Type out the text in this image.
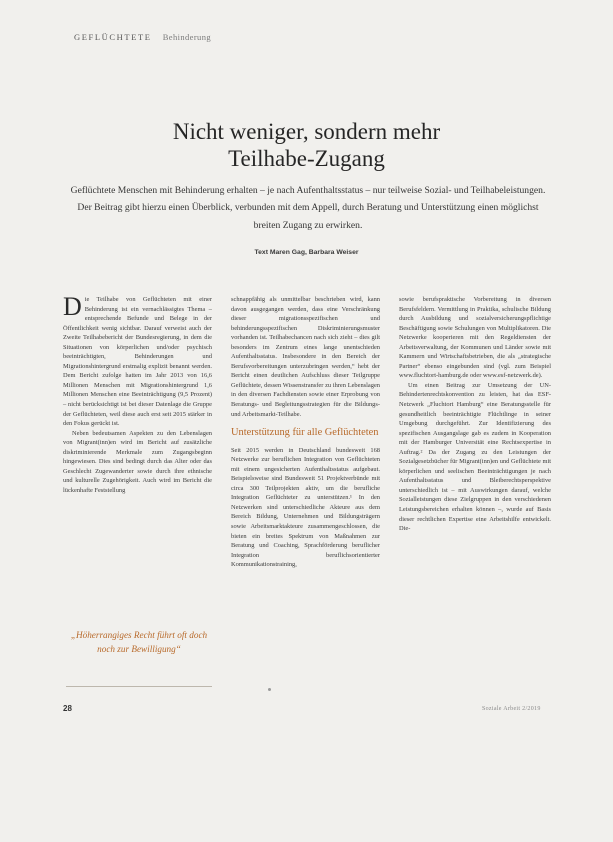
GEFLÜCHTETE Behinderung
Nicht weniger, sondern mehr
Teilhabe-Zugang
Geflüchtete Menschen mit Behinderung erhalten – je nach Aufenthaltsstatus – nur teilweise Sozial- und Teilhabeleistungen. Der Beitrag gibt hierzu einen Überblick, verbunden mit dem Appell, durch Beratung und Unterstützung einen möglichst breiten Zugang zu erwirken.
Text Maren Gag, Barbara Weiser

Die Teilhabe von Geflüchteten mit einer Behinderung ist ein vernachlässigtes Thema – entsprechende Befunde und Belege in der Öffentlichkeit wenig sichtbar. Darauf verweist auch der Zweite Teilhabebericht der Bundesregierung, in dem die Situationen von körperlichen und/oder psychisch beeinträchtigten, Behinderungen und Migrationshintergrund erstmalig explizit benannt werden. Dem Bericht zufolge hatten im Jahr 2013 von 16,6 Millionen Menschen mit Migrationshintergrund 1,6 Millionen Menschen eine Beeinträchtigung (9,5 Prozent) – nicht berücksichtigt ist bei dieser Datenlage die Gruppe der Geflüchteten, weil diese auch erst seit 2015 stärker in den Fokus gerückt ist.

Neben bedeutsamen Aspekten zu den Lebenslagen von Migrant(inn)en wird im Bericht auf zusätzliche diskriminierende Merkmale zum Zugangsbeginn hingewiesen. Dies sind bedingt durch das Alter oder das Geschlecht Zugewanderter sowie durch ihre ethnische und kulturelle Zugehörigkeit. Auch wird im Bericht die lückenhafte Feststellung

schnappfähig als unmittelbar beschrieben wird, kann davon ausgegangen werden, dass eine Verschränkung dieser migrationsspezifischen und behinderungsspezifischen Diskriminierungsmuster vorhanden ist. Teilhabechancen nach sich zieht – dies gilt besonders im Zentrum eines lange unentschieden Aufenthaltsstatus. Insbesondere in den Bereich der Berufsvorbereitungen unterzubringen werden,“ hebt der Bericht einen deutlichen Aufschluss dieser Teilgruppe Geflüchtete, dessen Wissenstransfer zu ihren Lebenslagen in den diversen Fachdiensten sowie einer Erprobung von Beratungs- und Begleitungsstrategien für die Bildungs- und Arbeitsmarkt-Teilhabe.

Unterstützung für alle Geflüchteten

Seit 2015 werden in Deutschland bundesweit 168 Netzwerke zur beruflichen Integration von Geflüchteten mit einem ungesicherten Aufenthaltsstatus aufgebaut. Beispielsweise sind Bundesweit 51 Projektverbünde mit circa 300 Teilprojekten aktiv, um die berufliche Integration Geflüchteter zu unterstützen.¹ In den Netzwerken sind unterschiedliche Akteure aus dem Bereich Bildung, Unternehmen und Bildungsträgern sowie Arbeitsmarktakteure zusammengeschlossen, die bieten ein breites Spektrum von Maßnahmen zur Beratung und Coaching, Sprachförderung beruflicher Integration beruflichsorientierter Kommunikationstraining,

sowie berufspraktische Vorbereitung in diversen Berufsfeldern. Vermittlung in Praktika, schulische Bildung durch Ausbildung und sozialversicherungspflichtige Beschäftigung sowie Schulungen von Multiplikatoren. Die Netzwerke kooperieren mit den Regeldiensten der Arbeitsverwaltung, der Kommunen und Länder sowie mit Kammern und Wirtschaftsbetrieben, die als „strategische Partner“ ebenso eingebunden sind (vgl. zum Beispiel www.fluchtort-hamburg.de oder www.esf-netzwerk.de).

Um einen Beitrag zur Umsetzung der UN-Behindertenrechtskonvention zu leisten, hat das ESF-Netzwerk „Fluchtort Hamburg“ eine Beratungsstelle für gesundheitlich beeinträchtigte Flüchtlinge in seiner Umgebung durchgeführt. Zur Identifizierung des spezifischen Ausgangslage gab es zudem in Kooperation mit der Hamburger Universität eine Rechtsexpertise in Auftrag.² Da der Zugang zu den Leistungen der Sozialgesetzbücher für Migrant(inn)en und Geflüchtete mit körperlichen und seelischen Beeinträchtigungen je nach Aufenthaltsstatus und Bleiberechtsperspektive unterschiedlich ist – mit Auswirkungen darauf, welche Sozialleistungen diese Zielgruppen in den verschiedenen Leistungsbereichen erhalten können –, wurde auf Basis dieser rechtlichen Expertise eine Arbeitshilfe entwickelt. Die-

„Höherrangiges Recht führt oft doch noch zur Bewilligung“
28	Soziale Arbeit 2/2019
